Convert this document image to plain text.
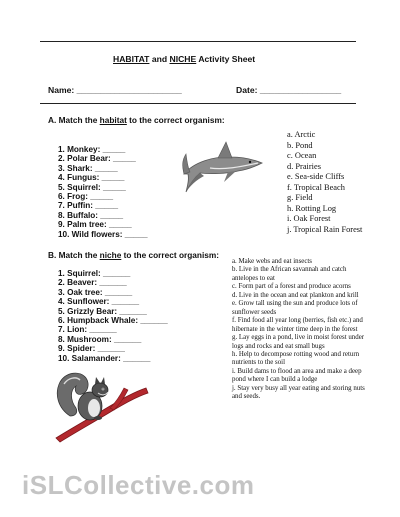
HABITAT and NICHE Activity Sheet
Name: ______________________	Date: _________________
A. Match the habitat to the correct organism:
1. Monkey: _____
2. Polar Bear: _____
3. Shark: _____
4. Fungus: _____
5. Squirrel: _____
6. Frog: _____
7. Puffin: _____
8. Buffalo: _____
9. Palm tree: _____
10. Wild flowers: _____
a. Arctic
b. Pond
c. Ocean
d. Prairies
e. Sea-side Cliffs
f. Tropical Beach
g. Field
h. Rotting Log
i. Oak Forest
j. Tropical Rain Forest
B. Match the niche to the correct organism:
1. Squirrel: ______
2. Beaver: ______
3. Oak tree: ______
4. Sunflower: ______
5. Grizzly Bear: ______
6. Humpback Whale: ______
7. Lion: ______
8. Mushroom: ______
9. Spider: ______
10. Salamander: ______
a. Make webs and eat insects
b. Live in the African savannah and catch
antelopes to eat
c. Form part of a forest and produce acorns
d. Live in the ocean and eat plankton and krill
e. Grow tall using the sun and produce lots of
sunflower seeds
f. Find food all year long (berries, fish etc.) and
hibernate in the winter time deep in the forest
g. Lay eggs in a pond, live in moist forest under
logs and rocks and eat small bugs
h. Help to decompose rotting wood and return
nutrients to the soil
i. Build dams to flood an area and make a deep
pond where I can build a lodge
j. Stay very busy all year eating and storing nuts
and seeds.
iSLCollective.com
